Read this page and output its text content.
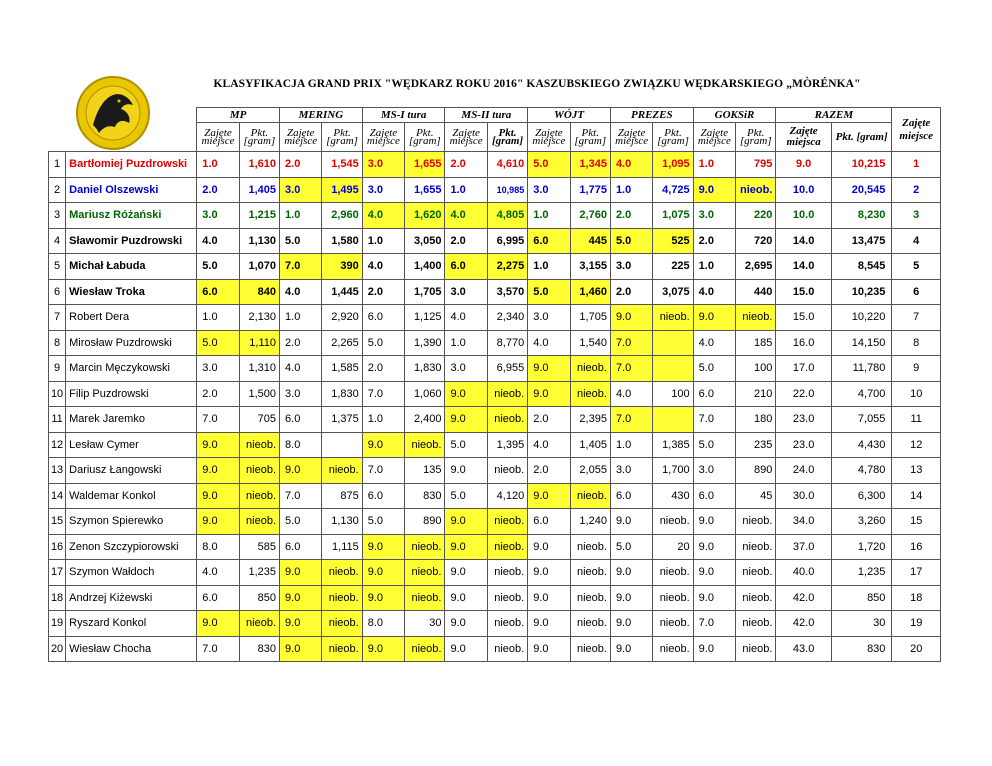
KLASYFIKACJA GRAND PRIX "WĘDKARZ ROKU 2016" KASZUBSKIEGO ZWIĄZKU WĘDKARSKIEGO „MÒRÉNKA"
		MP		MERING		MS-I tura		MS-II tura		WÓJT		PREZES		GOKSiR		RAZEM		Zajęte miejsce
		Zajęte miejsce	Pkt. [gram]	Zajęte miejsce	Pkt. [gram]	Zajęte miejsce	Pkt. [gram]	Zajęte miejsce	Pkt. [gram]	Zajęte miejsce	Pkt. [gram]	Zajęte miejsce	Pkt. [gram]	Zajęte miejsce	Pkt. [gram]	Zajęte miejsca	Pkt. [gram]	
1	Bartłomiej Puzdrowski	1.0	1,610	2.0	1,545	3.0	1,655	2.0	4,610	5.0	1,345	4.0	1,095	1.0	795	9.0	10,215	1
2	Daniel Olszewski	2.0	1,405	3.0	1,495	3.0	1,655	1.0	10,985	3.0	1,775	1.0	4,725	9.0	nieob.	10.0	20,545	2
3	Mariusz Różański	3.0	1,215	1.0	2,960	4.0	1,620	4.0	4,805	1.0	2,760	2.0	1,075	3.0	220	10.0	8,230	3
4	Sławomir Puzdrowski	4.0	1,130	5.0	1,580	1.0	3,050	2.0	6,995	6.0	445	5.0	525	2.0	720	14.0	13,475	4
5	Michał Łabuda	5.0	1,070	7.0	390	4.0	1,400	6.0	2,275	1.0	3,155	3.0	225	1.0	2,695	14.0	8,545	5
6	Wiesław Troka	6.0	840	4.0	1,445	2.0	1,705	3.0	3,570	5.0	1,460	2.0	3,075	4.0	440	15.0	10,235	6
7	Robert Dera	1.0	2,130	1.0	2,920	6.0	1,125	4.0	2,340	3.0	1,705	9.0	nieob.	9.0	nieob.	15.0	10,220	7
8	Mirosław Puzdrowski	5.0	1,110	2.0	2,265	5.0	1,390	1.0	8,770	4.0	1,540	7.0		4.0	185	16.0	14,150	8
9	Marcin Męczykowski	3.0	1,310	4.0	1,585	2.0	1,830	3.0	6,955	9.0	nieob.	7.0		5.0	100	17.0	11,780	9
10	Filip Puzdrowski	2.0	1,500	3.0	1,830	7.0	1,060	9.0	nieob.	9.0	nieob.	4.0	100	6.0	210	22.0	4,700	10
11	Marek Jaremko	7.0	705	6.0	1,375	1.0	2,400	9.0	nieob.	2.0	2,395	7.0		7.0	180	23.0	7,055	11
12	Lesław Cymer	9.0	nieob.	8.0		9.0	nieob.	5.0	1,395	4.0	1,405	1.0	1,385	5.0	235	23.0	4,430	12
13	Dariusz Łangowski	9.0	nieob.	9.0	nieob.	7.0	135	9.0	nieob.	2.0	2,055	3.0	1,700	3.0	890	24.0	4,780	13
14	Waldemar Konkol	9.0	nieob.	7.0	875	6.0	830	5.0	4,120	9.0	nieob.	6.0	430	6.0	45	30.0	6,300	14
15	Szymon Spierewko	9.0	nieob.	5.0	1,130	5.0	890	9.0	nieob.	6.0	1,240	9.0	nieob.	9.0	nieob.	34.0	3,260	15
16	Zenon Szczypiorowski	8.0	585	6.0	1,115	9.0	nieob.	9.0	nieob.	9.0	nieob.	5.0	20	9.0	nieob.	37.0	1,720	16
17	Szymon Wałdoch	4.0	1,235	9.0	nieob.	9.0	nieob.	9.0	nieob.	9.0	nieob.	9.0	nieob.	9.0	nieob.	40.0	1,235	17
18	Andrzej Kiżewski	6.0	850	9.0	nieob.	9.0	nieob.	9.0	nieob.	9.0	nieob.	9.0	nieob.	9.0	nieob.	42.0	850	18
19	Ryszard Konkol	9.0	nieob.	9.0	nieob.	8.0	30	9.0	nieob.	9.0	nieob.	9.0	nieob.	7.0	nieob.	42.0	30	19
20	Wiesław Chocha	7.0	830	9.0	nieob.	9.0	nieob.	9.0	nieob.	9.0	nieob.	9.0	nieob.	9.0	nieob.	43.0	830	20
